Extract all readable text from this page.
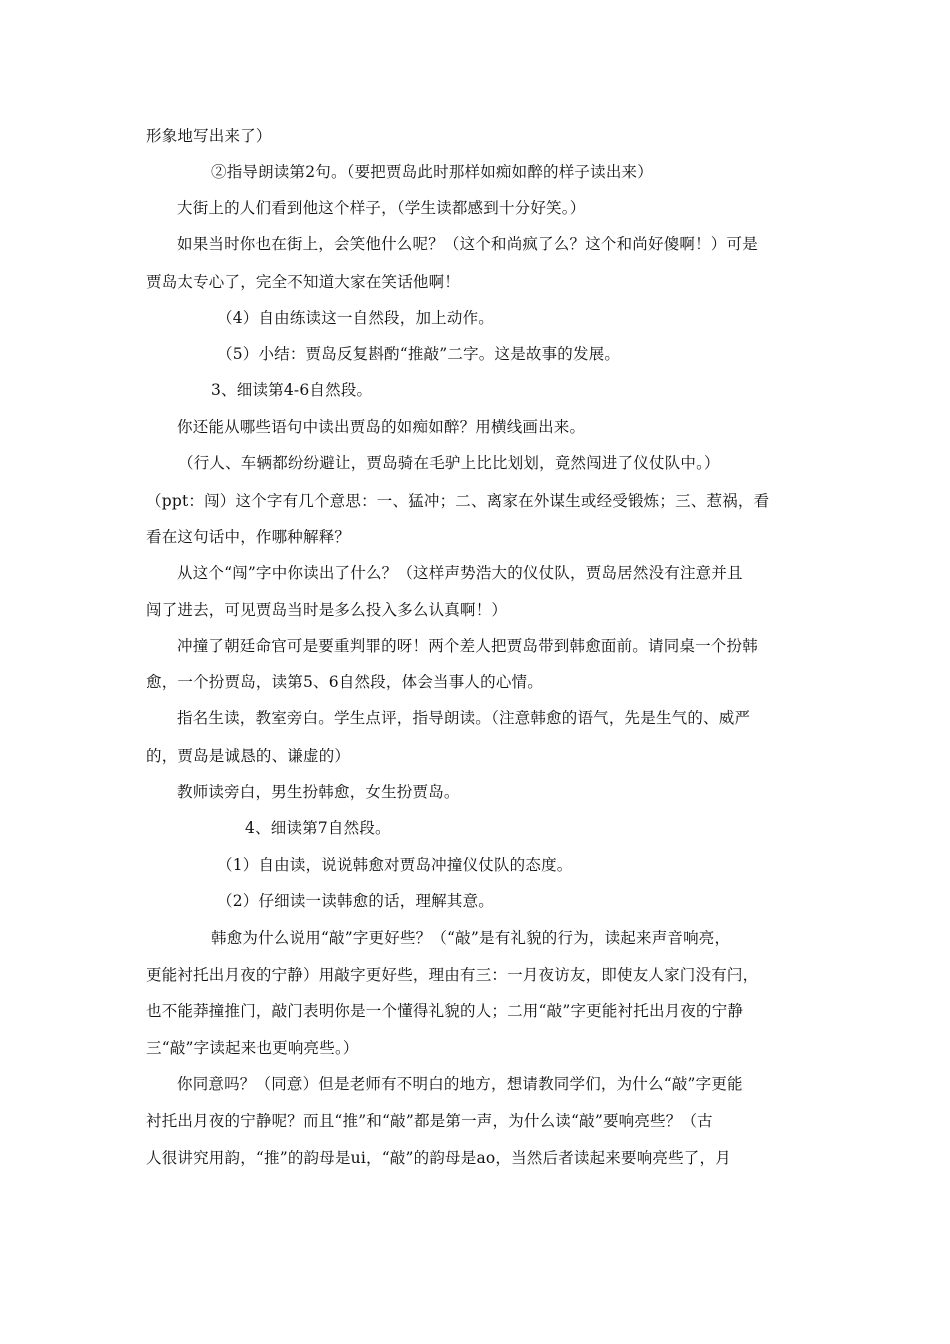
形象地写出来了）
②指导朗读第2句。（要把贾岛此时那样如痴如醉的样子读出来）
大街上的人们看到他这个样子，（学生读都感到十分好笑。）
如果当时你也在街上，会笑他什么呢？（这个和尚疯了么？这个和尚好傻啊！）可是
贾岛太专心了，完全不知道大家在笑话他啊！
（4）自由练读这一自然段，加上动作。
（5）小结：贾岛反复斟酌“推敲”二字。这是故事的发展。
3、细读第4-6自然段。
你还能从哪些语句中读出贾岛的如痴如醉？用横线画出来。
（行人、车辆都纷纷避让，贾岛骑在毛驴上比比划划，竟然闯进了仪仗队中。）
（ppt：闯）这个字有几个意思：一、猛冲；二、离家在外谋生或经受锻炼；三、惹祸，看
看在这句话中，作哪种解释？
从这个“闯”字中你读出了什么？（这样声势浩大的仪仗队，贾岛居然没有注意并且
闯了进去，可见贾岛当时是多么投入多么认真啊！）
冲撞了朝廷命官可是要重判罪的呀！两个差人把贾岛带到韩愈面前。请同桌一个扮韩
愈，一个扮贾岛，读第5、6自然段，体会当事人的心情。
指名生读，教室旁白。学生点评，指导朗读。（注意韩愈的语气，先是生气的、威严
的，贾岛是诚恳的、谦虚的）
教师读旁白，男生扮韩愈，女生扮贾岛。
4、细读第7自然段。
（1）自由读，说说韩愈对贾岛冲撞仪仗队的态度。
（2）仔细读一读韩愈的话，理解其意。
韩愈为什么说用“敲”字更好些？（“敲”是有礼貌的行为，读起来声音响亮，
更能衬托出月夜的宁静）用敲字更好些，理由有三：一月夜访友，即使友人家门没有闩，
也不能莽撞推门，敲门表明你是一个懂得礼貌的人；二用“敲”字更能衬托出月夜的宁静
三“敲”字读起来也更响亮些。）
你同意吗？（同意）但是老师有不明白的地方，想请教同学们，为什么“敲”字更能
衬托出月夜的宁静呢？而且“推”和“敲”都是第一声，为什么读“敲”要响亮些？（古
人很讲究用韵，“推”的韵母是ui，“敲”的韵母是ao，当然后者读起来要响亮些了，月
